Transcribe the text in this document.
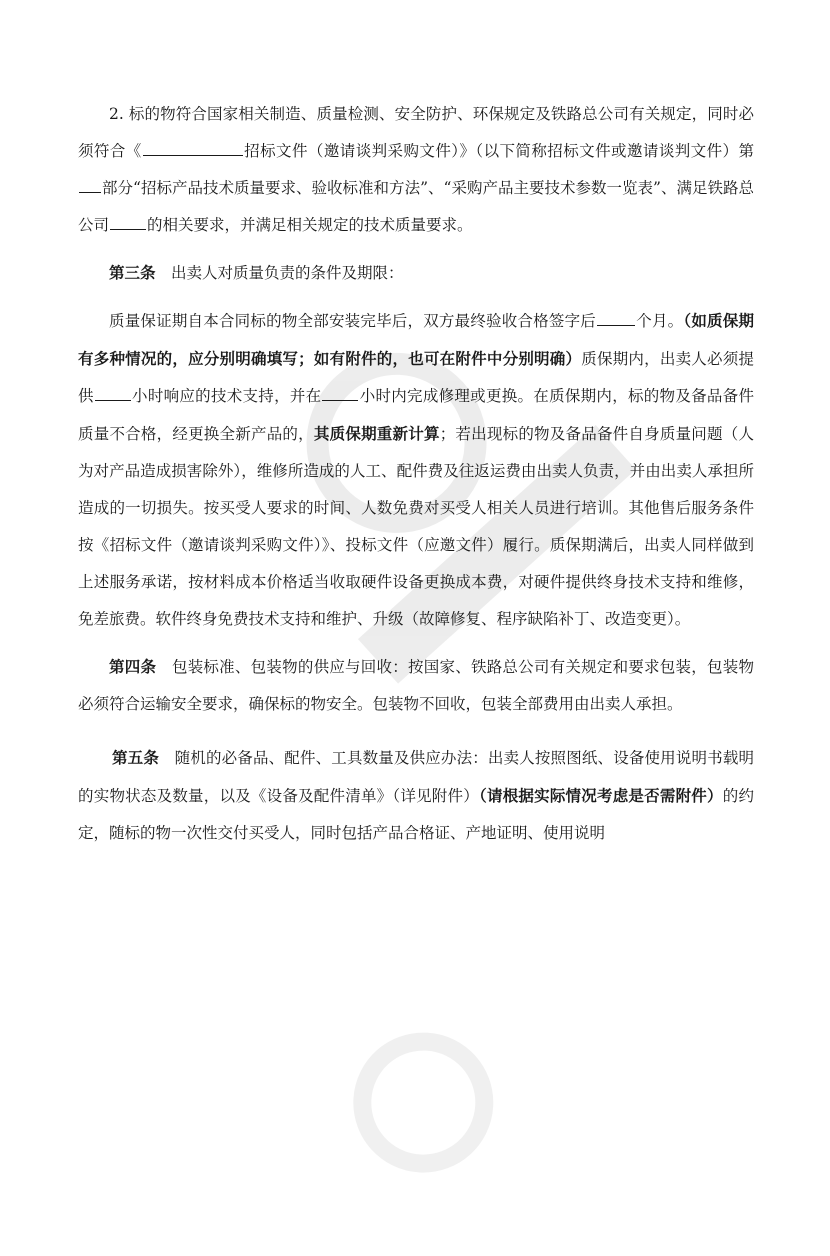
2. 标的物符合国家相关制造、质量检测、安全防护、环保规定及铁路总公司有关规定，同时必须符合《	招标文件（邀请谈判采购文件）》（以下简称招标文件或邀请谈判文件）第部分“招标产品技术质量要求、验收标准和方法”、“采购产品主要技术参数一览表”、满足铁路总公司 的相关要求，并满足相关规定的技术质量要求。

第三条　出卖人对质量负责的条件及期限：

质量保证期自本合同标的物全部安装完毕后，双方最终验收合格签字后	个月。（如质保期有多种情况的，应分别明确填写；如有附件的，也可在附件中分别明确）质保期内，出卖人必须提供 小时响应的技术支持，并在 小时内完成修理或更换。在质保期内，标的物及备品备件质量不合格，经更换全新产品的，其质保期重新计算；若出现标的物及备品备件自身质量问题（人为对产品造成损害除外），维修所造成的人工、配件费及往返运费由出卖人负责，并由出卖人承担所造成的一切损失。按买受人要求的时间、人数免费对买受人相关人员进行培训。其他售后服务条件按《招标文件（邀请谈判采购文件）》、投标文件（应邀文件）履行。质保期满后，出卖人同样做到上述服务承诺，按材料成本价格适当收取硬件设备更换成本费，对硬件提供终身技术支持和维修，免差旅费。软件终身免费技术支持和维护、升级（故障修复、程序缺陷补丁、改造变更）。

第四条　包装标准、包装物的供应与回收：按国家、铁路总公司有关规定和要求包装，包装物必须符合运输安全要求，确保标的物安全。包装物不回收，包装全部费用由出卖人承担。

第五条　随机的必备品、配件、工具数量及供应办法：出卖人按照图纸、设备使用说明书载明的实物状态及数量，以及《设备及配件清单》（详见附件）（请根据实际情况考虑是否需附件）的约定，随标的物一次性交付买受人，同时包括产品合格证、产地证明、使用说明
